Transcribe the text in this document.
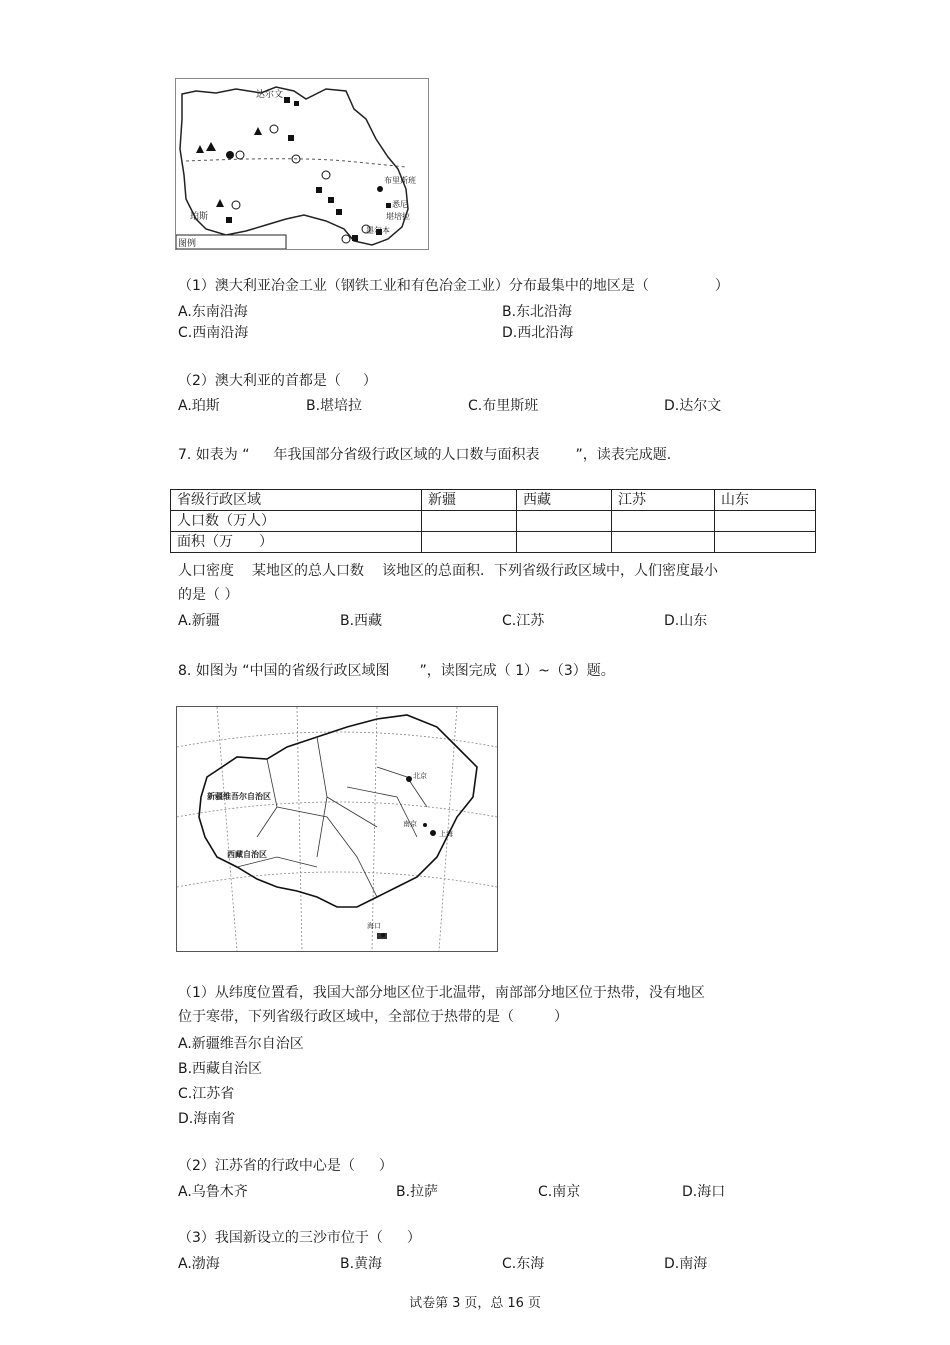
达尔文
珀斯
布里斯班
堪培拉
墨尔本
悉尼
图例
（1）澳大利亚冶金工业（钢铁工业和有色冶金工业）分布最集中的地区是（	）
A.东南沿海	B.东北沿海
C.西南沿海	D.西北沿海
（2）澳大利亚的首都是（ ）
A.珀斯	B.堪培拉	C.布里斯班	D.达尔文
7. 如表为 “ 年我国部分省级行政区域的人口数与面积表	”，读表完成题.
省级行政区域	新疆	西藏	江苏	山东
人口数（万人）				
面积（万 ）				
人口密度 某地区的总人口数 该地区的总面积．下列省级行政区域中，人们密度最小
的是（ ）
A.新疆	B.西藏	C.江苏	D.山东
8. 如图为 “中国的省级行政区域图 ”，读图完成（ 1）~（3）题。
新疆维吾尔自治区
西藏自治区
北京
上海
南京
海口
（1）从纬度位置看，我国大部分地区位于北温带，南部部分地区位于热带，没有地区
位于寒带，下列省级行政区域中，全部位于热带的是（	）
A.新疆维吾尔自治区
B.西藏自治区
C.江苏省
D.海南省
（2）江苏省的行政中心是（ ）
A.乌鲁木齐	B.拉萨	C.南京	D.海口
（3）我国新设立的三沙市位于（ ）
A.渤海	B.黄海	C.东海	D.南海
试卷第 3 页，总 16 页
